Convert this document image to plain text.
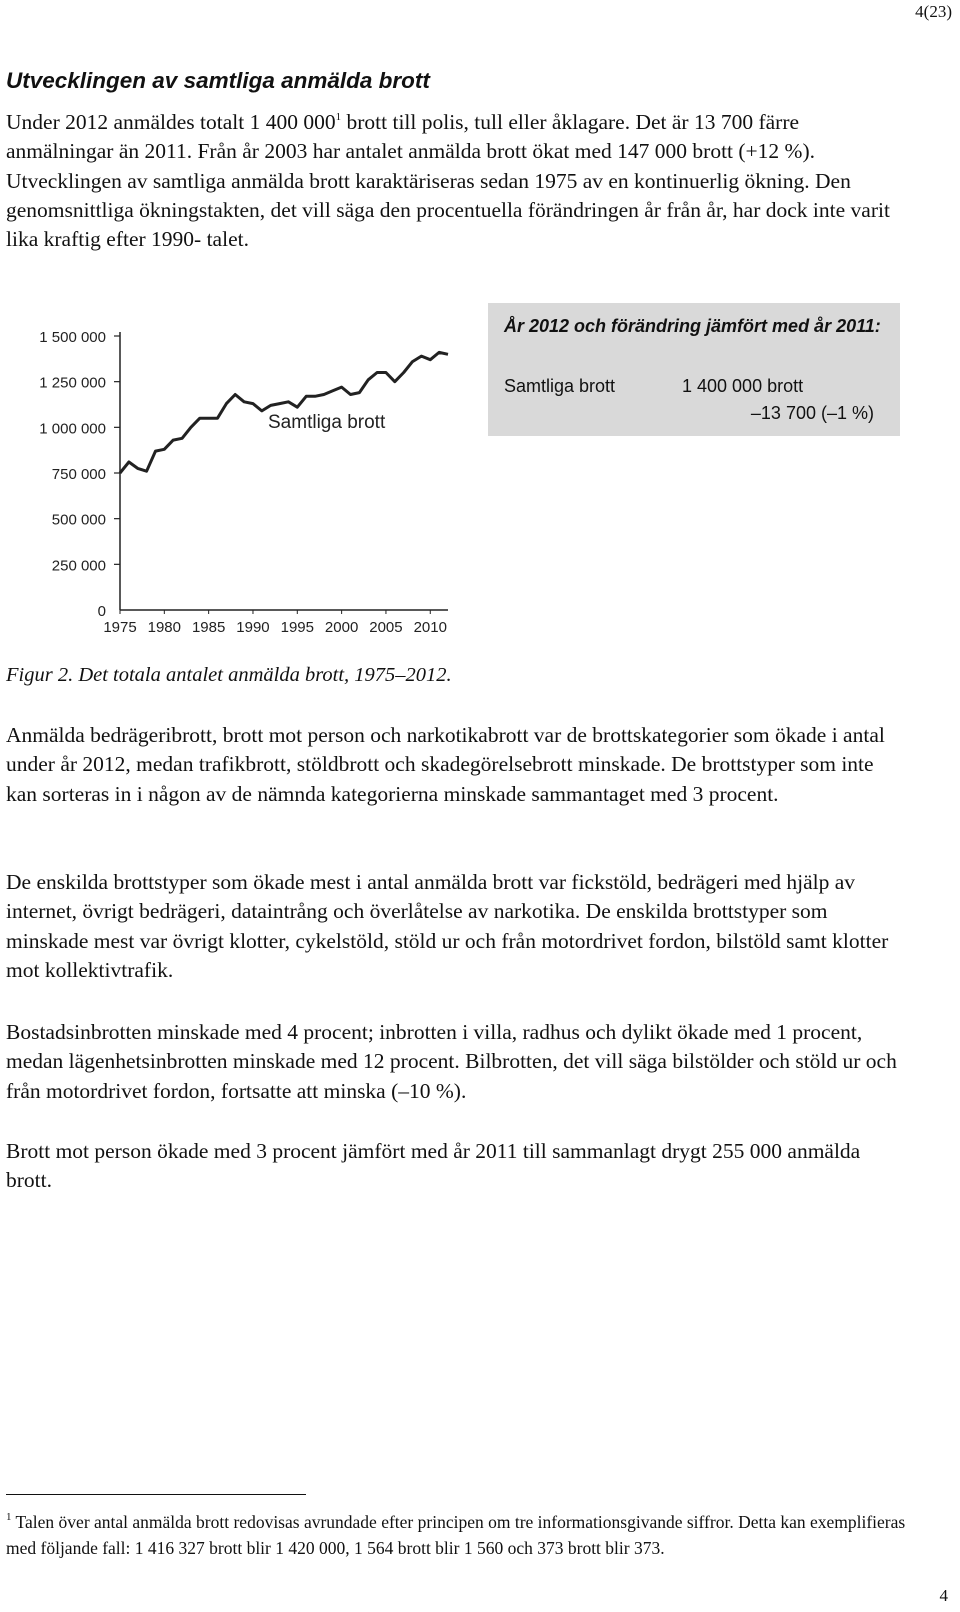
4(23)
Utvecklingen av samtliga anmälda brott

Under 2012 anmäldes totalt 1 400 $000^1$ brott till polis, tull eller åklagare. Det är 13 700 färre anmälningar än 2011. Från år 2003 har antalet anmälda brott ökat med 147 000 brott (+12 %). Utvecklingen av samtliga anmälda brott karaktäriseras sedan 1975 av en kontinuerlig ökning. Den genomsnittliga ökningstakten, det vill säga den procentuella förändringen år från år, har dock inte varit lika kraftig efter 1990- talet.

1 500 000
1 250 000
1 000 000
750 000
500 000
250 000
0
1975 1980 1985 1990 1995 2000 2005 2010
Samtliga brott
År 2012 och förändring jämfört med år 2011:
Samtliga brott	1 400 000 brott
–13 700 (–1 %)

Figur 2. Det totala antalet anmälda brott, 1975–2012.

Anmälda bedrägeribrott, brott mot person och narkotikabrott var de brottskategorier som ökade i antal under år 2012, medan trafikbrott, stöldbrott och skadegörelsebrott minskade. De brottstyper som inte kan sorteras in i någon av de nämnda kategorierna minskade sammantaget med 3 procent.

De enskilda brottstyper som ökade mest i antal anmälda brott var fickstöld, bedrägeri med hjälp av internet, övrigt bedrägeri, dataintrång och överlåtelse av narkotika. De enskilda brottstyper som minskade mest var övrigt klotter, cykelstöld, stöld ur och från motordrivet fordon, bilstöld samt klotter mot kollektivtrafik.

Bostadsinbrotten minskade med 4 procent; inbrotten i villa, radhus och dylikt ökade med 1 procent, medan lägenhetsinbrotten minskade med 12 procent. Bilbrotten, det vill säga bilstölder och stöld ur och från motordrivet fordon, fortsatte att minska (–10 %).

Brott mot person ökade med 3 procent jämfört med år 2011 till sammanlagt drygt 255 000 anmälda brott.

$^1$ Talen över antal anmälda brott redovisas avrundade efter principen om tre informationsgivande siffror. Detta kan exemplifieras med följande fall: 1 416 327 brott blir 1 420 000, 1 564 brott blir 1 560 och 373 brott blir 373.

4
